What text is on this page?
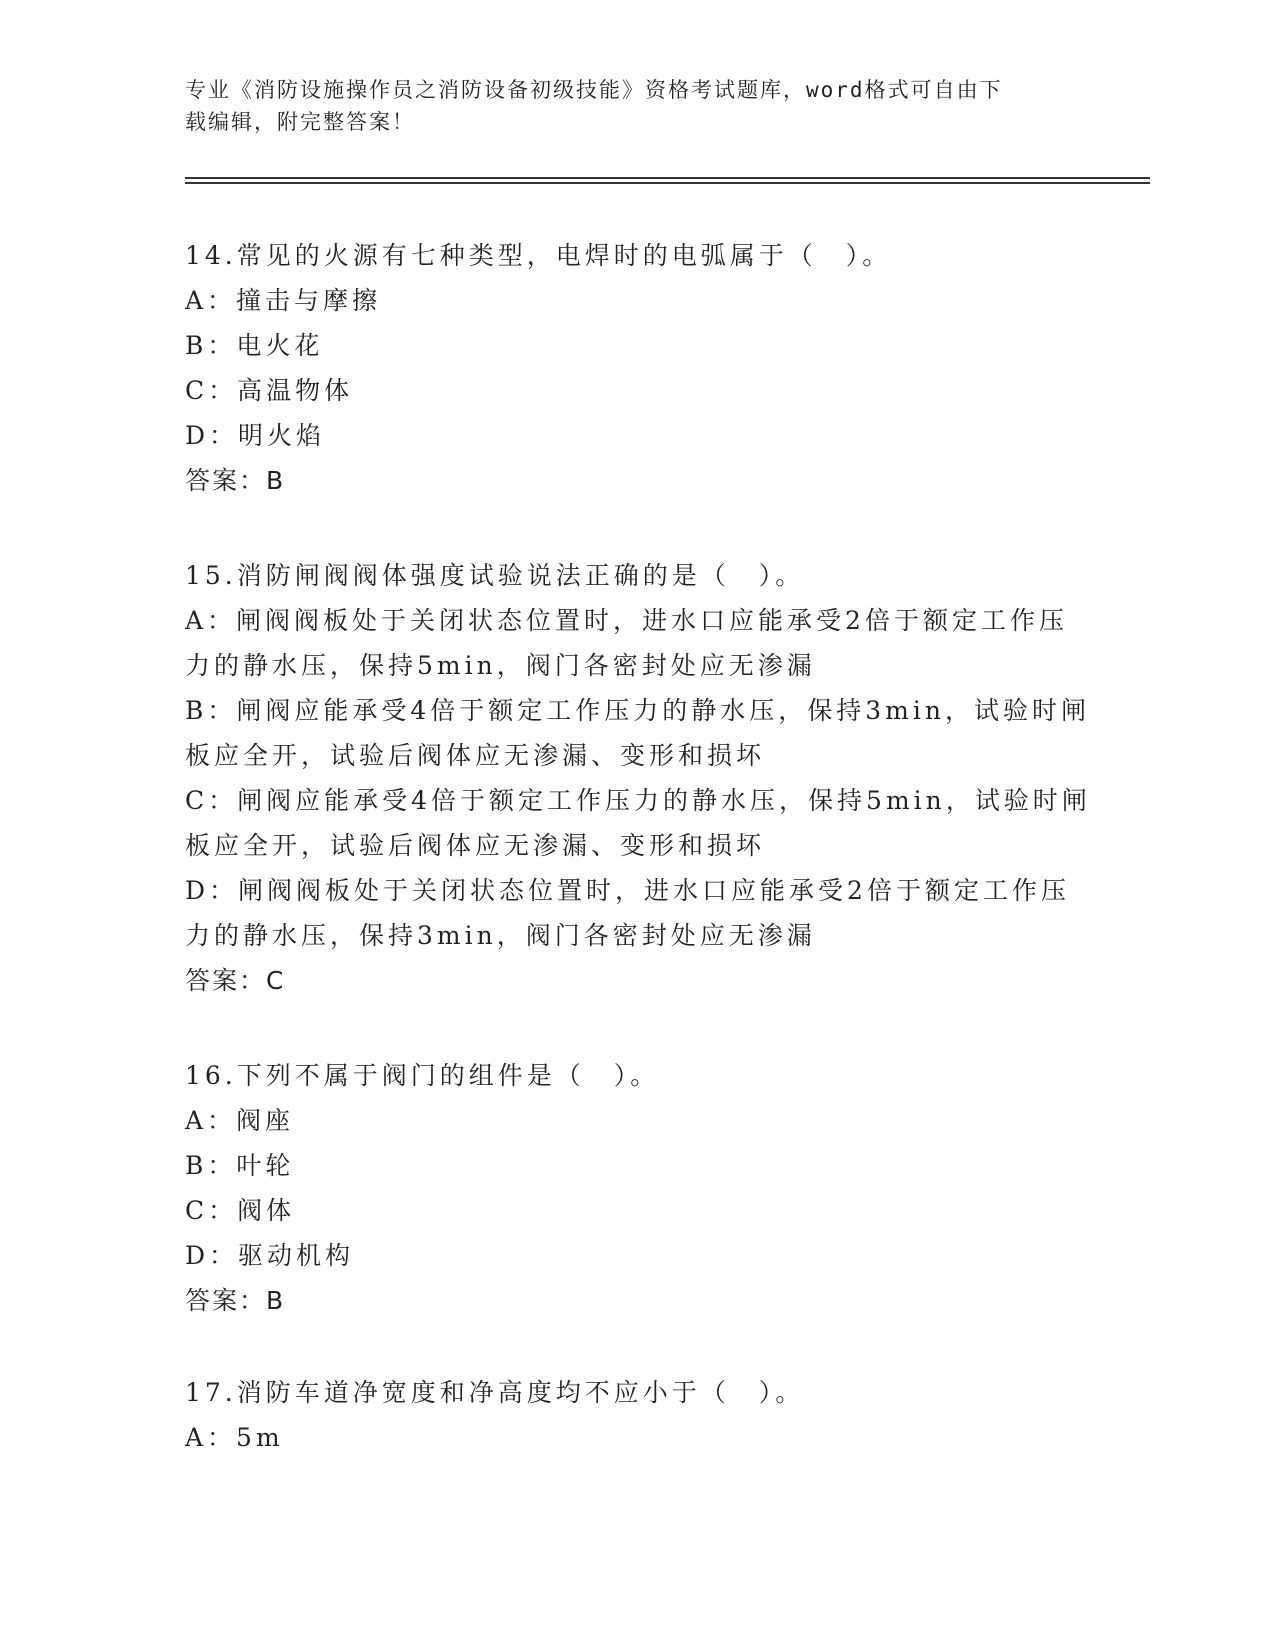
专业《消防设施操作员之消防设备初级技能》资格考试题库，word格式可自由下
载编辑，附完整答案！
14.常见的火源有七种类型，电焊时的电弧属于（　）。
A：撞击与摩擦
B：电火花
C：高温物体
D：明火焰
答案：B
15.消防闸阀阀体强度试验说法正确的是（　）。
A：闸阀阀板处于关闭状态位置时，进水口应能承受2倍于额定工作压
力的静水压，保持5min，阀门各密封处应无渗漏
B：闸阀应能承受4倍于额定工作压力的静水压，保持3min，试验时闸
板应全开，试验后阀体应无渗漏、变形和损坏
C：闸阀应能承受4倍于额定工作压力的静水压，保持5min，试验时闸
板应全开，试验后阀体应无渗漏、变形和损坏
D：闸阀阀板处于关闭状态位置时，进水口应能承受2倍于额定工作压
力的静水压，保持3min，阀门各密封处应无渗漏
答案：C
16.下列不属于阀门的组件是（　）。
A：阀座
B：叶轮
C：阀体
D：驱动机构
答案：B
17.消防车道净宽度和净高度均不应小于（　）。
A：5m
